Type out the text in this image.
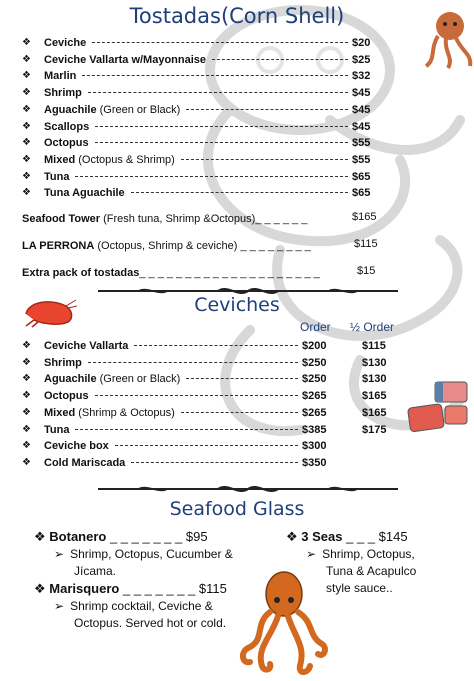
Tostadas(Corn Shell)
❖ Ceviche	$20
❖ Ceviche Vallarta w/Mayonnaise	$25
❖ Marlin	$32
❖ Shrimp	$45
❖ Aguachile (Green or Black)	$45
❖ Scallops	$45
❖ Octopus	$55
❖ Mixed (Octopus & Shrimp)	$55
❖ Tuna	$65
❖ Tuna Aguachile	$65
Seafood Tower (Fresh tuna, Shrimp &Octopus)_ _ _ _ _ _	$165
LA PERRONA (Octopus, Shrimp & ceviche) _ _ _ _ _ _ _ _	$115
Extra pack of tostadas_ _ _ _ _ _ _ _ _ _ _ _ _ _ _ _ _ _ _ _	$15
Ceviches
Order ½ Order
❖ Ceviche Vallarta	$200	$115
❖ Shrimp	$250	$130
❖ Aguachile (Green or Black)	$250	$130
❖ Octopus	$265	$165
❖ Mixed (Shrimp & Octopus)	$265	$165
❖ Tuna	$385	$175
❖ Ceviche box	$300
❖ Cold Mariscada	$350
Seafood Glass
❖ Botanero _ _ _ _ _ _ _ $95
➢ Shrimp, Octopus, Cucumber &
Jícama.
❖ Marisquero _ _ _ _ _ _ _ $115
➢ Shrimp cocktail, Ceviche &
Octopus. Served hot or cold.
❖ 3 Seas _ _ _ $145
➢ Shrimp, Octopus,
Tuna & Acapulco
style sauce..
